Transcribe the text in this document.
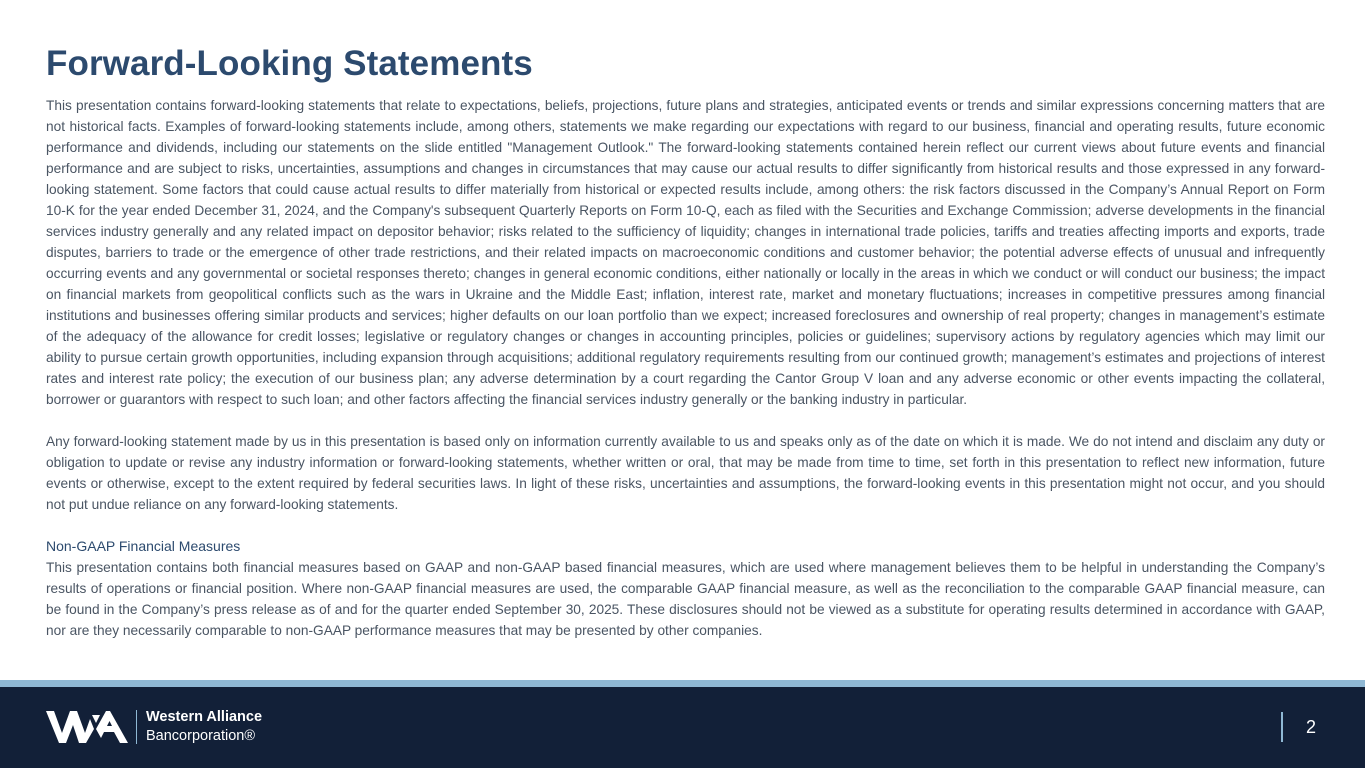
Forward-Looking Statements

This presentation contains forward-looking statements that relate to expectations, beliefs, projections, future plans and strategies, anticipated events or trends and similar expressions concerning matters that are not historical facts. Examples of forward-looking statements include, among others, statements we make regarding our expectations with regard to our business, financial and operating results, future economic performance and dividends, including our statements on the slide entitled "Management Outlook." The forward-looking statements contained herein reflect our current views about future events and financial performance and are subject to risks, uncertainties, assumptions and changes in circumstances that may cause our actual results to differ significantly from historical results and those expressed in any forward-looking statement. Some factors that could cause actual results to differ materially from historical or expected results include, among others: the risk factors discussed in the Company’s Annual Report on Form 10-K for the year ended December 31, 2024, and the Company's subsequent Quarterly Reports on Form 10-Q, each as filed with the Securities and Exchange Commission; adverse developments in the financial services industry generally and any related impact on depositor behavior; risks related to the sufficiency of liquidity; changes in international trade policies, tariffs and treaties affecting imports and exports, trade disputes, barriers to trade or the emergence of other trade restrictions, and their related impacts on macroeconomic conditions and customer behavior; the potential adverse effects of unusual and infrequently occurring events and any governmental or societal responses thereto; changes in general economic conditions, either nationally or locally in the areas in which we conduct or will conduct our business; the impact on financial markets from geopolitical conflicts such as the wars in Ukraine and the Middle East; inflation, interest rate, market and monetary fluctuations; increases in competitive pressures among financial institutions and businesses offering similar products and services; higher defaults on our loan portfolio than we expect; increased foreclosures and ownership of real property; changes in management’s estimate of the adequacy of the allowance for credit losses; legislative or regulatory changes or changes in accounting principles, policies or guidelines; supervisory actions by regulatory agencies which may limit our ability to pursue certain growth opportunities, including expansion through acquisitions; additional regulatory requirements resulting from our continued growth; management’s estimates and projections of interest rates and interest rate policy; the execution of our business plan; any adverse determination by a court regarding the Cantor Group V loan and any adverse economic or other events impacting the collateral, borrower or guarantors with respect to such loan; and other factors affecting the financial services industry generally or the banking industry in particular.

Any forward-looking statement made by us in this presentation is based only on information currently available to us and speaks only as of the date on which it is made. We do not intend and disclaim any duty or obligation to update or revise any industry information or forward-looking statements, whether written or oral, that may be made from time to time, set forth in this presentation to reflect new information, future events or otherwise, except to the extent required by federal securities laws. In light of these risks, uncertainties and assumptions, the forward-looking events in this presentation might not occur, and you should not put undue reliance on any forward-looking statements.

Non-GAAP Financial Measures

This presentation contains both financial measures based on GAAP and non-GAAP based financial measures, which are used where management believes them to be helpful in understanding the Company’s results of operations or financial position. Where non-GAAP financial measures are used, the comparable GAAP financial measure, as well as the reconciliation to the comparable GAAP financial measure, can be found in the Company’s press release as of and for the quarter ended September 30, 2025. These disclosures should not be viewed as a substitute for operating results determined in accordance with GAAP, nor are they necessarily comparable to non-GAAP performance measures that may be presented by other companies.

Western Alliance
Bancorporation®	2
